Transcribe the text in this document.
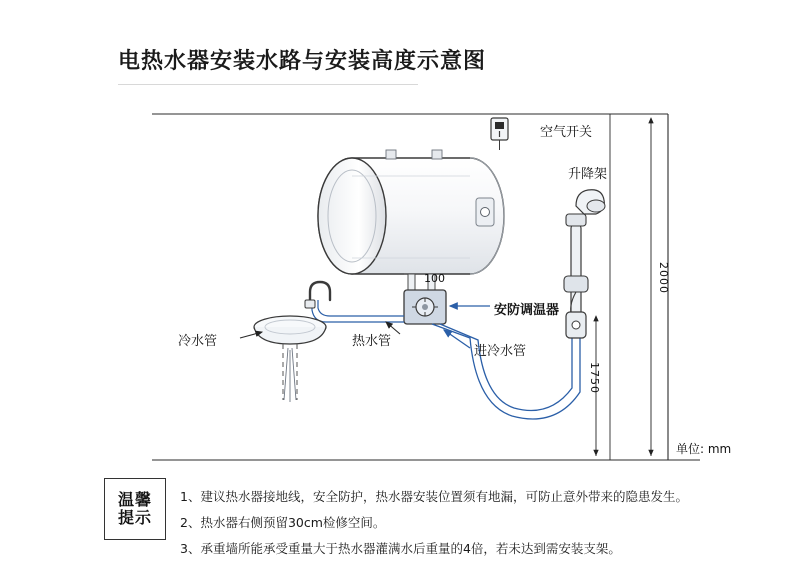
电热水器安装水路与安装高度示意图
空气开关
升降架
安防调温器
冷水管	热水管
进冷水管
100	2000
1750
单位: mm
温馨
提示
1、建议热水器接地线，安全防护，热水器安装位置须有地漏，可防止意外带来的隐患发生。
2、热水器右侧预留30cm检修空间。
3、承重墙所能承受重量大于热水器灌满水后重量的4倍，若未达到需安装支架。
